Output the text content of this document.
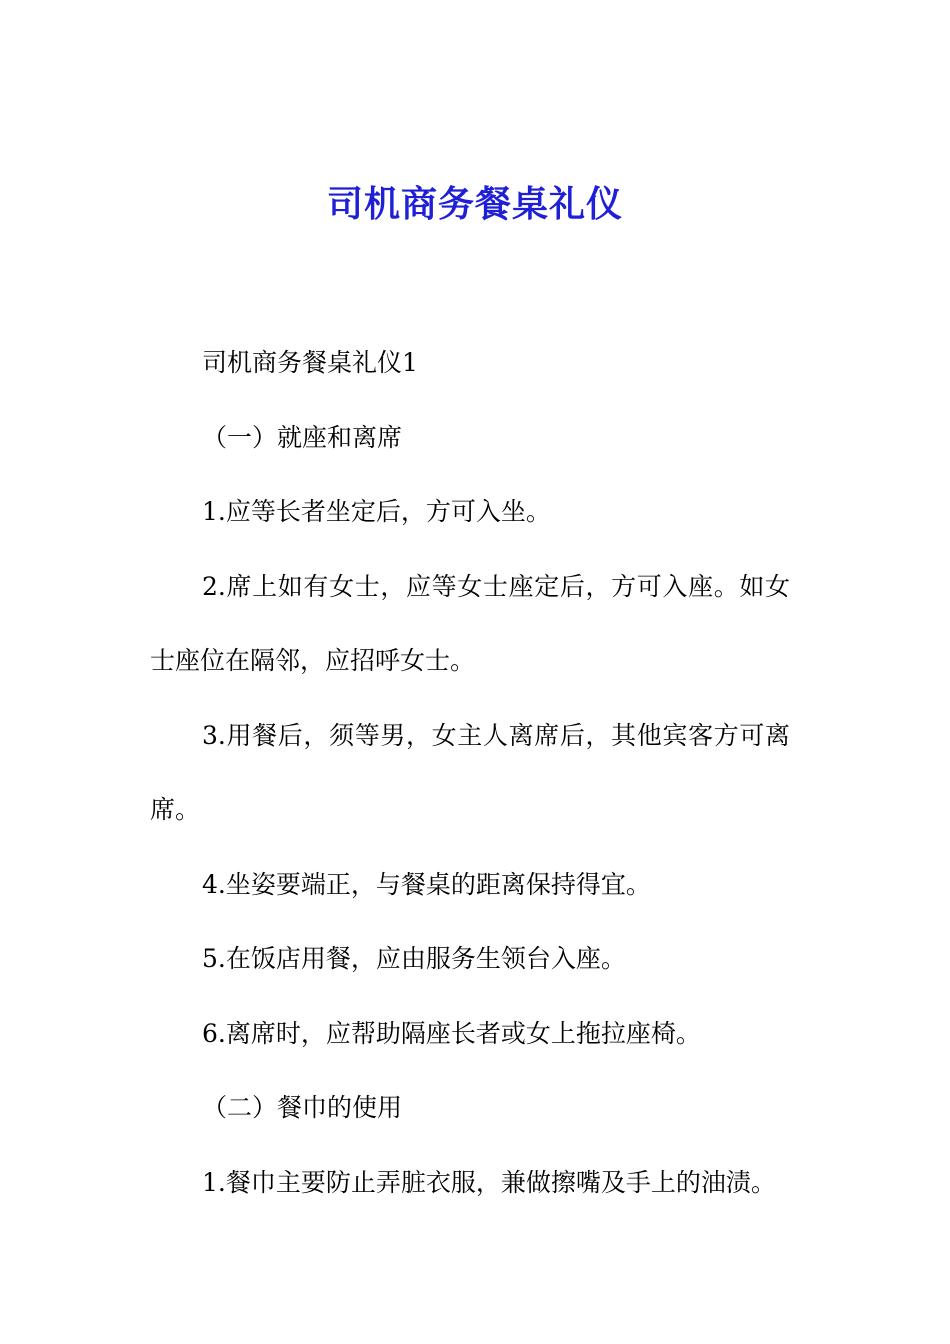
司机商务餐桌礼仪

司机商务餐桌礼仪1

（一）就座和离席

1.应等长者坐定后，方可入坐。

2.席上如有女士，应等女士座定后，方可入座。如女士座位在隔邻，应招呼女士。

3.用餐后，须等男，女主人离席后，其他宾客方可离席。

4.坐姿要端正，与餐桌的距离保持得宜。

5.在饭店用餐，应由服务生领台入座。

6.离席时，应帮助隔座长者或女上拖拉座椅。

（二）餐巾的使用

1.餐巾主要防止弄脏衣服，兼做擦嘴及手上的油渍。
